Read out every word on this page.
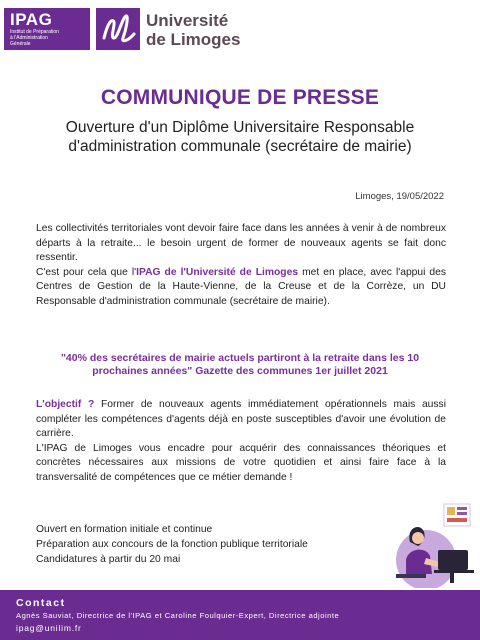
IPAG
Institut de Préparation
à l'Administration
Générale
Université
de Limoges
COMMUNIQUE DE PRESSE
Ouverture d'un Diplôme Universitaire Responsable
d'administration communale (secrétaire de mairie)
Limoges, 19/05/2022
Les collectivités territoriales vont devoir faire face dans les années à venir à de nombreux départs à la retraite... le besoin urgent de former de nouveaux agents se fait donc ressentir.
C'est pour cela que l'IPAG de l'Université de Limoges met en place, avec l'appui des Centres de Gestion de la Haute-Vienne, de la Creuse et de la Corrèze, un DU Responsable d'administration communale (secrétaire de mairie).
"40% des secrétaires de mairie actuels partiront à la retraite dans les 10 prochaines années" Gazette des communes 1er juillet 2021
L'objectif ? Former de nouveaux agents immédiatement opérationnels mais aussi compléter les compétences d'agents déjà en poste susceptibles d'avoir une évolution de carrière.
L'IPAG de Limoges vous encadre pour acquérir des connaissances théoriques et concrètes nécessaires aux missions de votre quotidien et ainsi faire face à la transversalité de compétences que ce métier demande !
Ouvert en formation initiale et continue
Préparation aux concours de la fonction publique territoriale
Candidatures à partir du 20 mai
Contact
Agnès Sauviat, Directrice de l'IPAG et Caroline Foulquier-Expert, Directrice adjointe
ipag@unilim.fr
